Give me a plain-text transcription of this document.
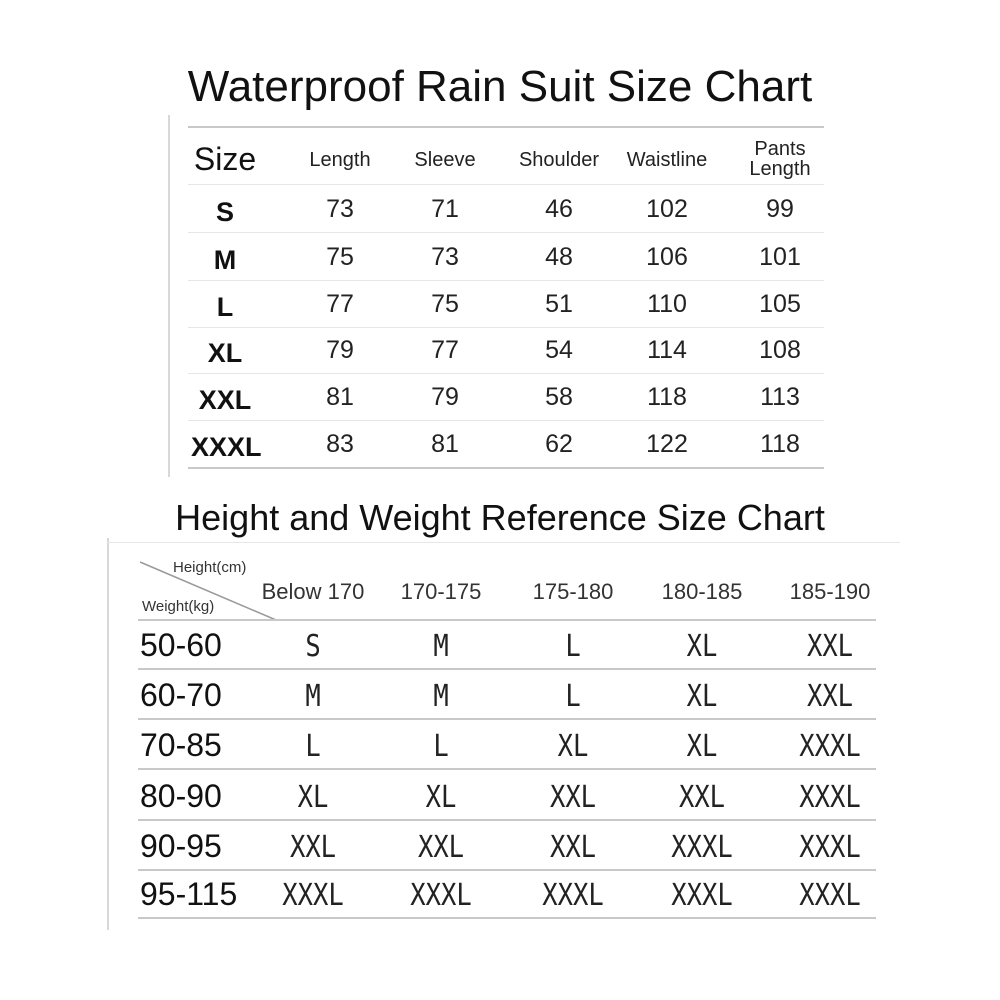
Waterproof Rain Suit Size Chart
Size	Length	Sleeve	Shoulder	Waistline	Pants
Length
S	73	71	46	102	99
M	75	73	48	106	101
L	77	75	51	110	105
XL	79	77	54	114	108
XXL	81	79	58	118	113
XXXL	83	81	62	122	118
Height and Weight Reference Size Chart
Height(cm)
Weight(kg)
Below 170	170-175	175-180	180-185	185-190
50-60	S	M	L	XL	XXL
60-70	M	M	L	XL	XXL
70-85	L	L	XL	XL	XXXL
80-90	XL	XL	XXL	XXL	XXXL
90-95	XXL	XXL	XXL	XXXL	XXXL
95-115	XXXL	XXXL	XXXL	XXXL	XXXL
